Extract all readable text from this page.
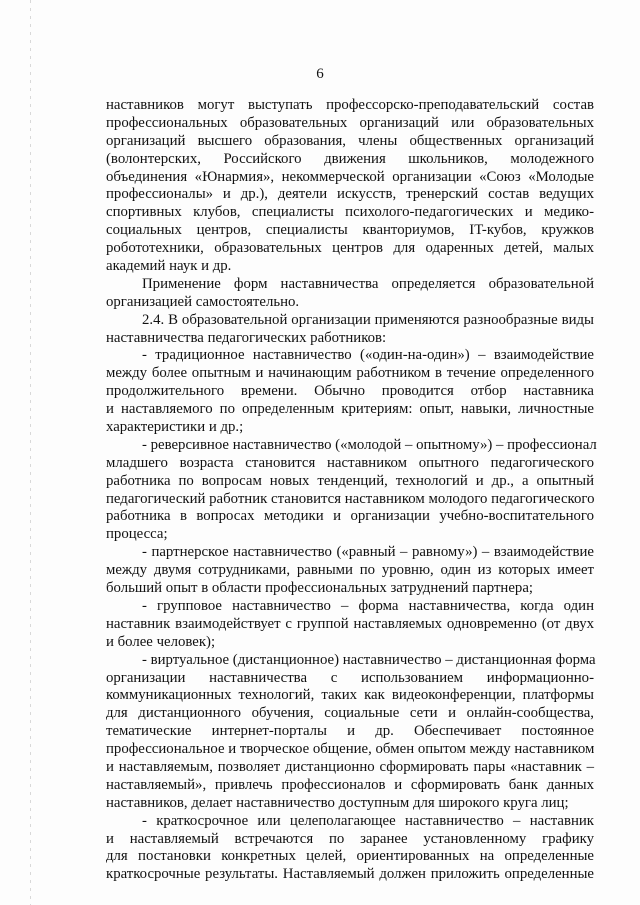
6
наставников могут выступать профессорско-преподавательский состав
профессиональных образовательных организаций или образовательных
организаций высшего образования, члены общественных организаций
(волонтерских, Российского движения школьников, молодежного
объединения «Юнармия», некоммерческой организации «Союз «Молодые
профессионалы» и др.), деятели искусств, тренерский состав ведущих
спортивных клубов, специалисты психолого-педагогических и медико-
социальных центров, специалисты кванториумов, IT-кубов, кружков
робототехники, образовательных центров для одаренных детей, малых
академий наук и др.
Применение форм наставничества определяется образовательной
организацией самостоятельно.
2.4. В образовательной организации применяются разнообразные виды
наставничества педагогических работников:
- традиционное наставничество («один-на-один») – взаимодействие
между более опытным и начинающим работником в течение определенного
продолжительного времени. Обычно проводится отбор наставника
и наставляемого по определенным критериям: опыт, навыки, личностные
характеристики и др.;
- реверсивное наставничество («молодой – опытному») – профессионал
младшего возраста становится наставником опытного педагогического
работника по вопросам новых тенденций, технологий и др., а опытный
педагогический работник становится наставником молодого педагогического
работника в вопросах методики и организации учебно-воспитательного
процесса;
- партнерское наставничество («равный – равному») – взаимодействие
между двумя сотрудниками, равными по уровню, один из которых имеет
больший опыт в области профессиональных затруднений партнера;
- групповое наставничество – форма наставничества, когда один
наставник взаимодействует с группой наставляемых одновременно (от двух
и более человек);
- виртуальное (дистанционное) наставничество – дистанционная форма
организации наставничества с использованием информационно-
коммуникационных технологий, таких как видеоконференции, платформы
для дистанционного обучения, социальные сети и онлайн-сообщества,
тематические интернет-порталы и др. Обеспечивает постоянное
профессиональное и творческое общение, обмен опытом между наставником
и наставляемым, позволяет дистанционно сформировать пары «наставник –
наставляемый», привлечь профессионалов и сформировать банк данных
наставников, делает наставничество доступным для широкого круга лиц;
- краткосрочное или целеполагающее наставничество – наставник
и наставляемый встречаются по заранее установленному графику
для постановки конкретных целей, ориентированных на определенные
краткосрочные результаты. Наставляемый должен приложить определенные
